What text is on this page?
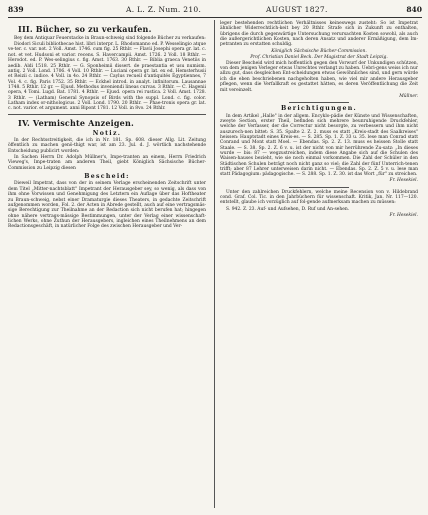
839	A. L. Z. Num. 210.	AUGUST 1827.	840
III. Bücher, so zu verkaufen.

Bey dem Antiquar Feuerstacke in Braun-schweig sind folgende Bücher zu verkaufen:

Diodori Siculi bibliothecae hist. libri interpr. L. Rhodomanno ed. P. Wesselingio atque ve-ter. c. var. not. 2 Voll. Amst. 1746. cum fig. 25 Rthlr. — Flavii Josephi opera gr. lat. c. not. et vet. Hudsoni et varior. recens. S. Havercampii. Amst. 1726. 2 Voll. 18 Rthlr. — Herodot. ed. P. Wes-selingius c. fig. Amst. 1763. 30 Rthlr. — Biblia graeca Venetiis in aedib. Aldi 1518. 25 Rthlr. — G. Sponheimii dissert. de praestantia et usu numism. antiq. 2 Voll. Lond. 1706. 4 Voll. 10 Rthlr. — Luciani opera gr. lat. ex ed. Hemsterhusii et Reizii c. indice. 4 Voll. in 4o. 24 Rthlr. — Caylus recueil d'antiquités Égyptiennes, 7 Vol. 4. c. fig. Paris 1752. 35 Rthlr. — Eckhel introd. in analyt. infinitorum. Lausannae 1748. 5 Rthlr. 12 gr. — Ejusd. Methodus inveniendi lineas curvas. 3 Rthlr. — C. Hagenii opera, 4 Tomi. Lugd. Bat. 1781. 4 Rthlr. — Ejusd. opera rei rustica. 2 Voll. Amst. 1728. 3 Rthlr. — (Latham) General Synopsis of Birds with the suppl. Lond. c. fig. color. Latham index or-nithologicus. 2 Voll. Lond. 1790. 20 Rthlr. — Phae-tronis opera gr. lat. c. not. varior. et argument. anni Bipont 1781. 12 Voll. in 8vo. 24 Rthlr.

IV. Vermischte Anzeigen.
Notiz.

In der Rechtsstreitigkeit, die ich in Nr. 181. Sp. 608. dieser Allg. Lit. Zeitung öffentlich zu machen genö-thigt war, ist am 23. Jul. d. J. wörtlich nachstehende Entscheidung publicirt worden:

In Sachen Herrn Dr. Adolph Müllner's, Impe-tranten an einem, Herrn Friedrich Vieweg's, Impe-traten am anderen Theil, giebt Königlich Sächsische Bücher-Commission zu Leipzig diesen

Bescheid:

Dieweil Impetrat, dass von der in seinem Verlage erscheinenden Zeitschrift unter dem Titel „Mitter-nachtsblatt" Impetrant der Herausgeber sey, so wenig, als dass von ihm ohne Vorwissen und Genehmigung des Letztern ein Auflage über das Hoftheater zu Braun-schweig, nebst einer Dramaturgie dieses Theaters, in gedachte Zeitschrift aufgenommen worden, Fol. 2. der Acten in Abrede gestellt, auch auf eine vertragsmäs-sige Berechtigung zur Theilnahme an der Redaction sich nicht berufen hat; hingegen ohne nähere vertrags-mässige Bestimmungen, unter der Verlag einer wissenschaft-lichen Werks, ohne Zuthun der Herausgebers, ingleichen eines Theilnehmens an dem Redactionsgeschäft, in natürlicher Folge des zwischen Herausgeber und Ver-

leger bestehenden rechtlichen Verhältnisses keineswegs zusteht: So ist Impetrat ähnlicher Widerrechtlich-keit bey 20 Rthlr. Strafe sich in Zukunft zu enthalten, übrigens die durch gegenwärtige Untersuchung verursachten Kosten sowohl, als auch die außergerichtlichen Kosten, nach deren Ansatz und anderer Ermäßigung, dem Im-petranten zu erstatten schuldig.

Königlich Sächsische Bücher-Commission.

Prof. Christian Daniel Beck. Der Magistrat der Stadt Leipzig.

Dieser Bescheid wird mich hoffentlich gegen den Vorwurf der Unkundigen schützen, von dem jenigen Verleger etwas Unrechtes verlangt zu haben. Uebri-gens weiss ich nur allzu gut, dass desgleichen Ent-scheidungen etwas Gewöhnliches sind, und gern würde ich die eben beschriebenen nachgeholten haben, wie viel mir andere Herausgeber pflegen, wenn die Verfallkraft es gestattet hätten, es deren Veröffentlichung die Zeit mit vereinzelt.

Müllner.

Berichtigungen.

In dem Artikel „Halle" in der allgem. Encyklo-pädie der Künste und Wissenschaften, zweyte Section, erster Theil, befinden sich mehrere beunruhigende Druckfehler, welche der Verfasser, der die Correctur nicht besorgte, zu verbessern und ihm nicht auszurech-nen bittet: S. 35. Spalte 2. Z. 2. muss es statt „Kreis-stadt des Saalkreises" heissen: Hauptstadt eines Kreis-es. — S. 285. Sp. 1. Z. 33 u. 35. lese man Conrad statt Conrand und Mont statt Moel. — Ebendas. Sp. 2. Z. 13. muss es heissen Stolle statt Staale. — S. 38. Sp. 2. Z. 6 v. u. ist der nicht von mir herrührende Zu-satz: „In dieses wurde — bis: 87 — wegzustreichen, indem diese Angabe sich auf die Schulen des Waisen-hauses bezieht, wie sie noch einmal vorkommen. Die Zahl der Schüler in den Städtischen Schulen beträgt noch nicht ganz so viel; die Zahl der fünf Unterrich-tenen trifft; aber 87 Lehrer unterweisen darin nicht. — Ebendas. Sp. 2. Z. 5 v. u. lese man statt Pädagogium: pädagogische. — S. 288. Sp. 1. Z. 30. ist das Wort „für" zu streichen.

Fr. Hesekiel.

Unter den zahlreichen Druckfehlern, welche meine Recension von v. Hildebrand cond. Graf. Col. Tic. in den Jahrbüchern für wissenschaft. Kritik, Jan. Nr. 117—120. entstellt, glaube ich vorzüglich auf fol-gende aufmerksam machen zu müssen:

S. 942. Z. 23. Auf- und Aufsehen, D. Ruf und An-sehen.

Fr. Hesekiel.
